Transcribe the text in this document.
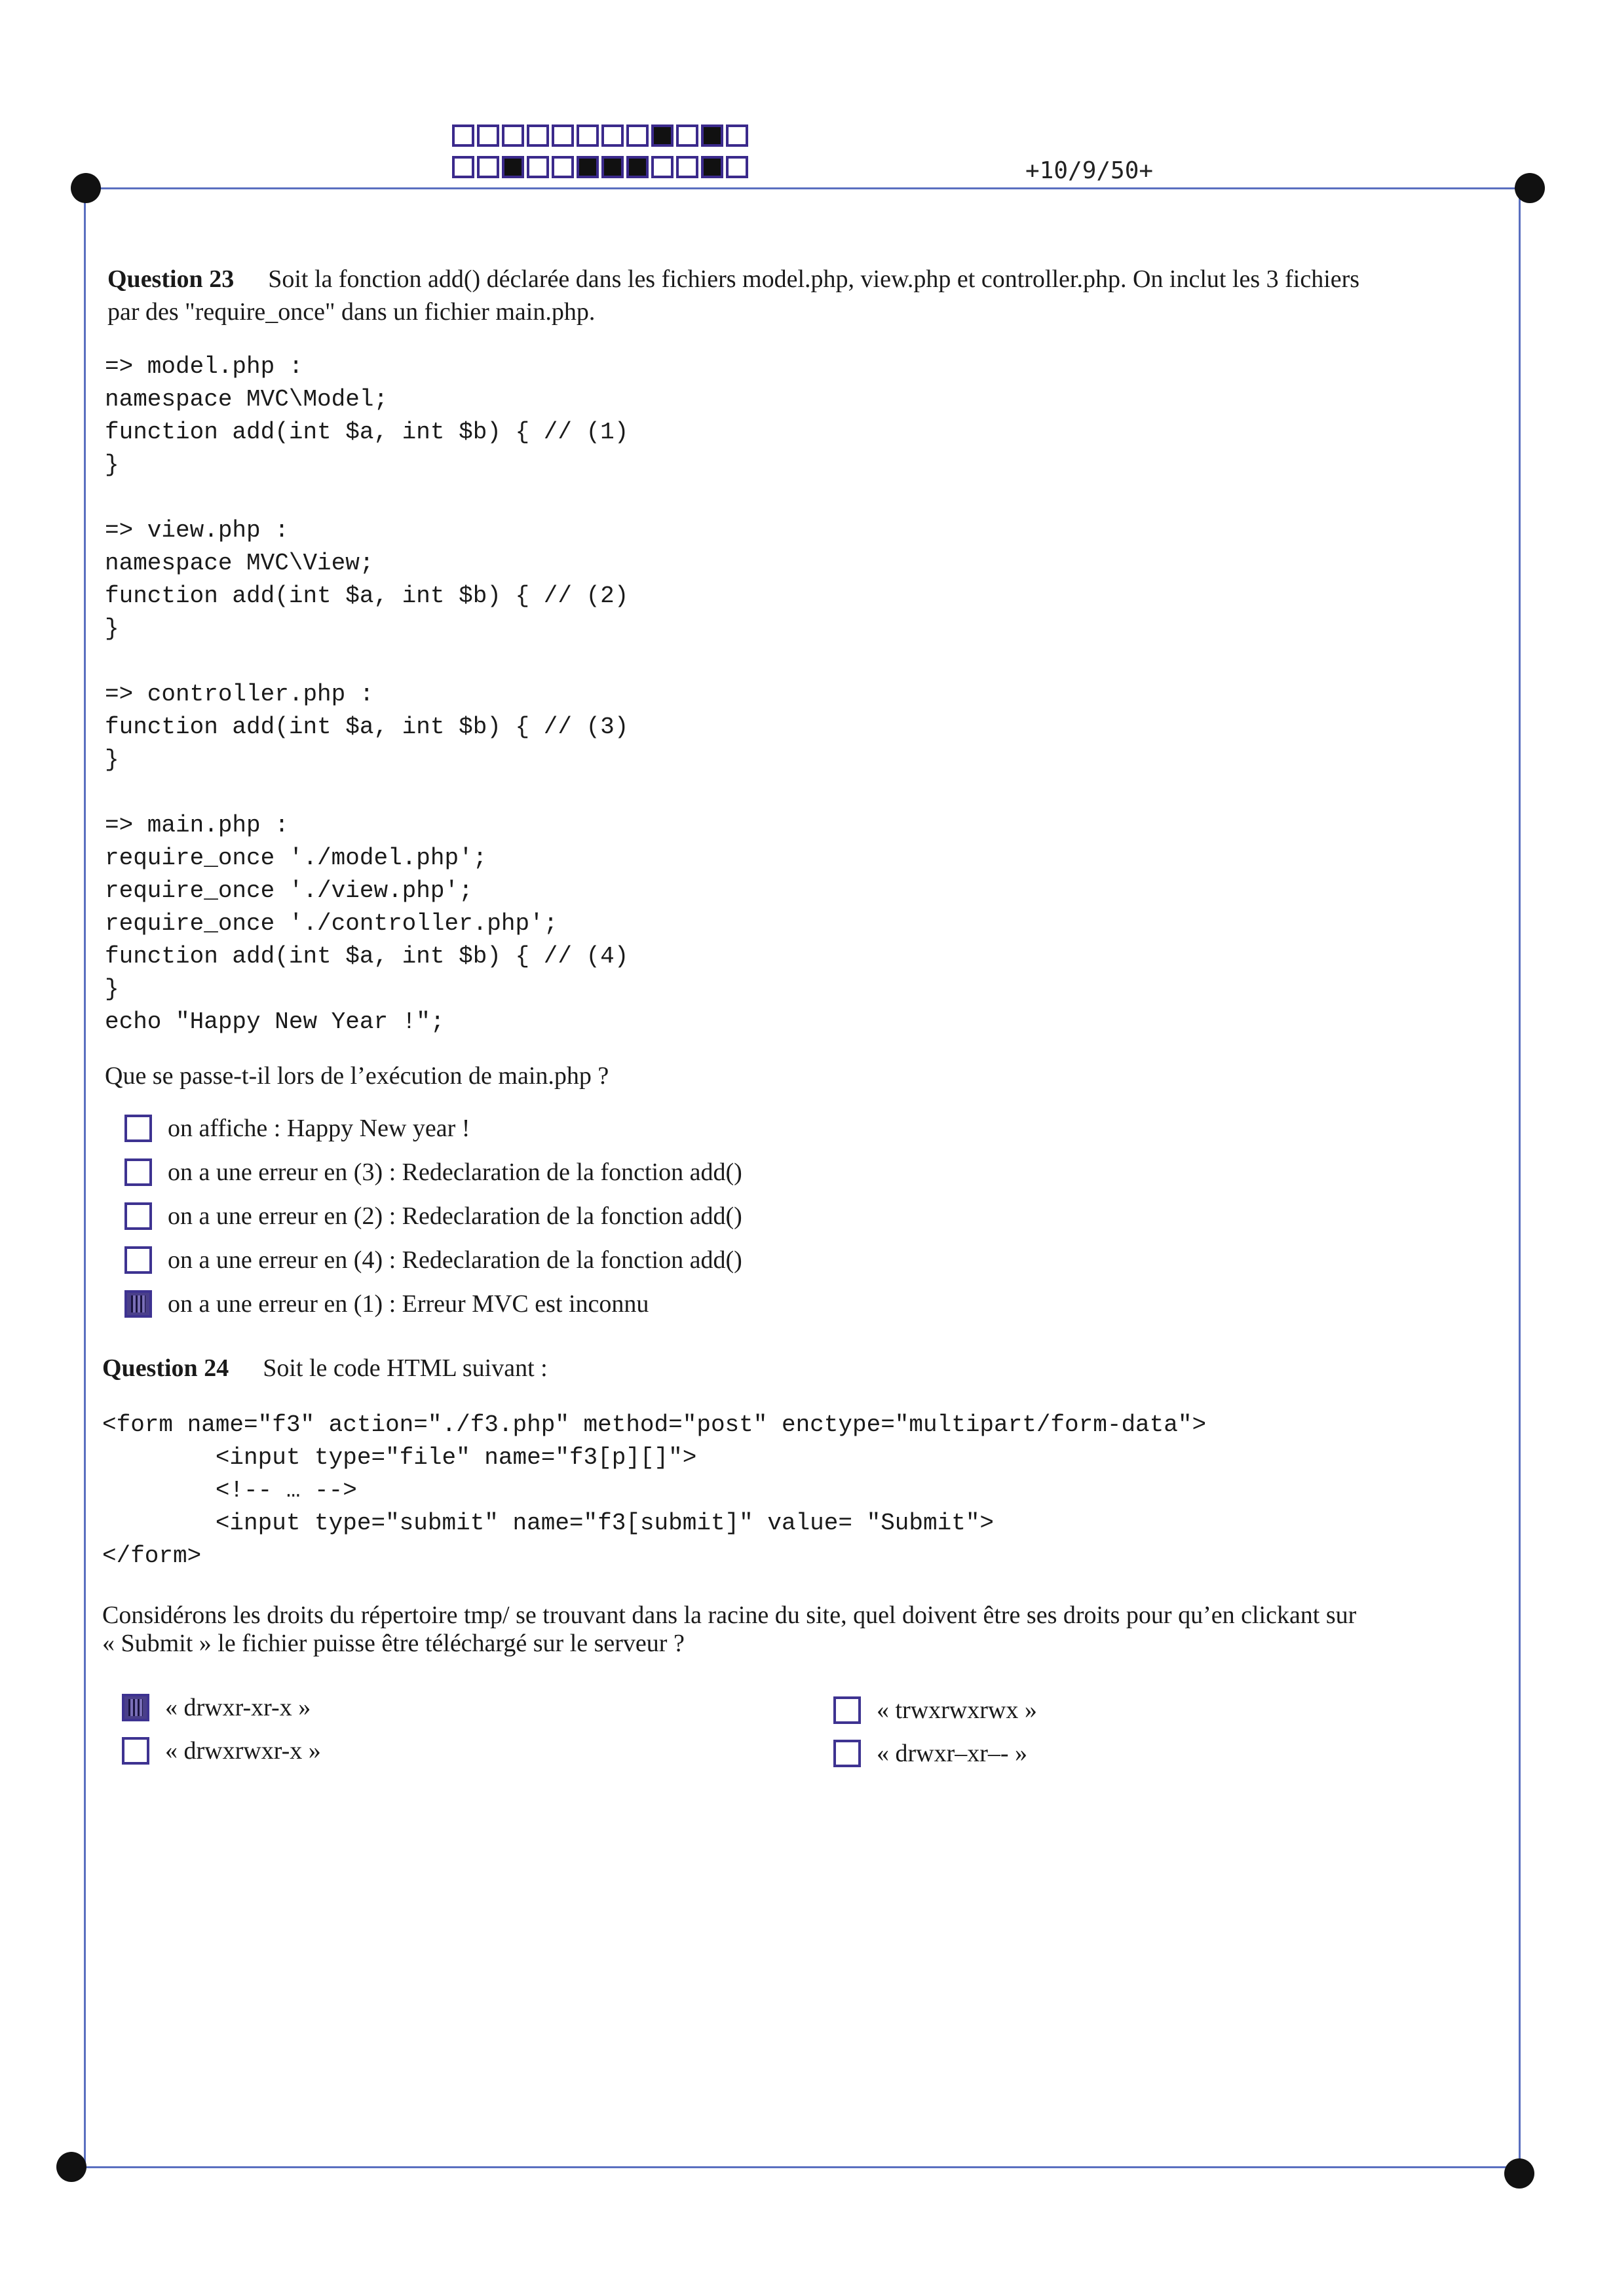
+10/9/50+
Question 23 Soit la fonction add() déclarée dans les fichiers model.php, view.php et controller.php. On inclut les 3 fichiers
par des "require_once" dans un fichier main.php.
=> model.php :
namespace MVC\Model;
function add(int $a, int $b) { // (1)
}

=> view.php :
namespace MVC\View;
function add(int $a, int $b) { // (2)
}

=> controller.php :
function add(int $a, int $b) { // (3)
}

=> main.php :
require_once './model.php';
require_once './view.php';
require_once './controller.php';
function add(int $a, int $b) { // (4)
}
echo "Happy New Year !";
Que se passe-t-il lors de l’exécution de main.php ?
on affiche : Happy New year !
on a une erreur en (3) : Redeclaration de la fonction add()
on a une erreur en (2) : Redeclaration de la fonction add()
on a une erreur en (4) : Redeclaration de la fonction add()
on a une erreur en (1) : Erreur MVC est inconnu
Question 24 Soit le code HTML suivant :
<form name="f3" action="./f3.php" method="post" enctype="multipart/form-data">
<input type="file" name="f3[p][]">
<!-- … -->
<input type="submit" name="f3[submit]" value= "Submit">
</form>
Considérons les droits du répertoire tmp/ se trouvant dans la racine du site, quel doivent être ses droits pour qu’en clickant sur
« Submit » le fichier puisse être téléchargé sur le serveur ?
« drwxr-xr-x »
« drwxrwxr-x »
« trwxrwxrwx »
« drwxr–xr–- »
